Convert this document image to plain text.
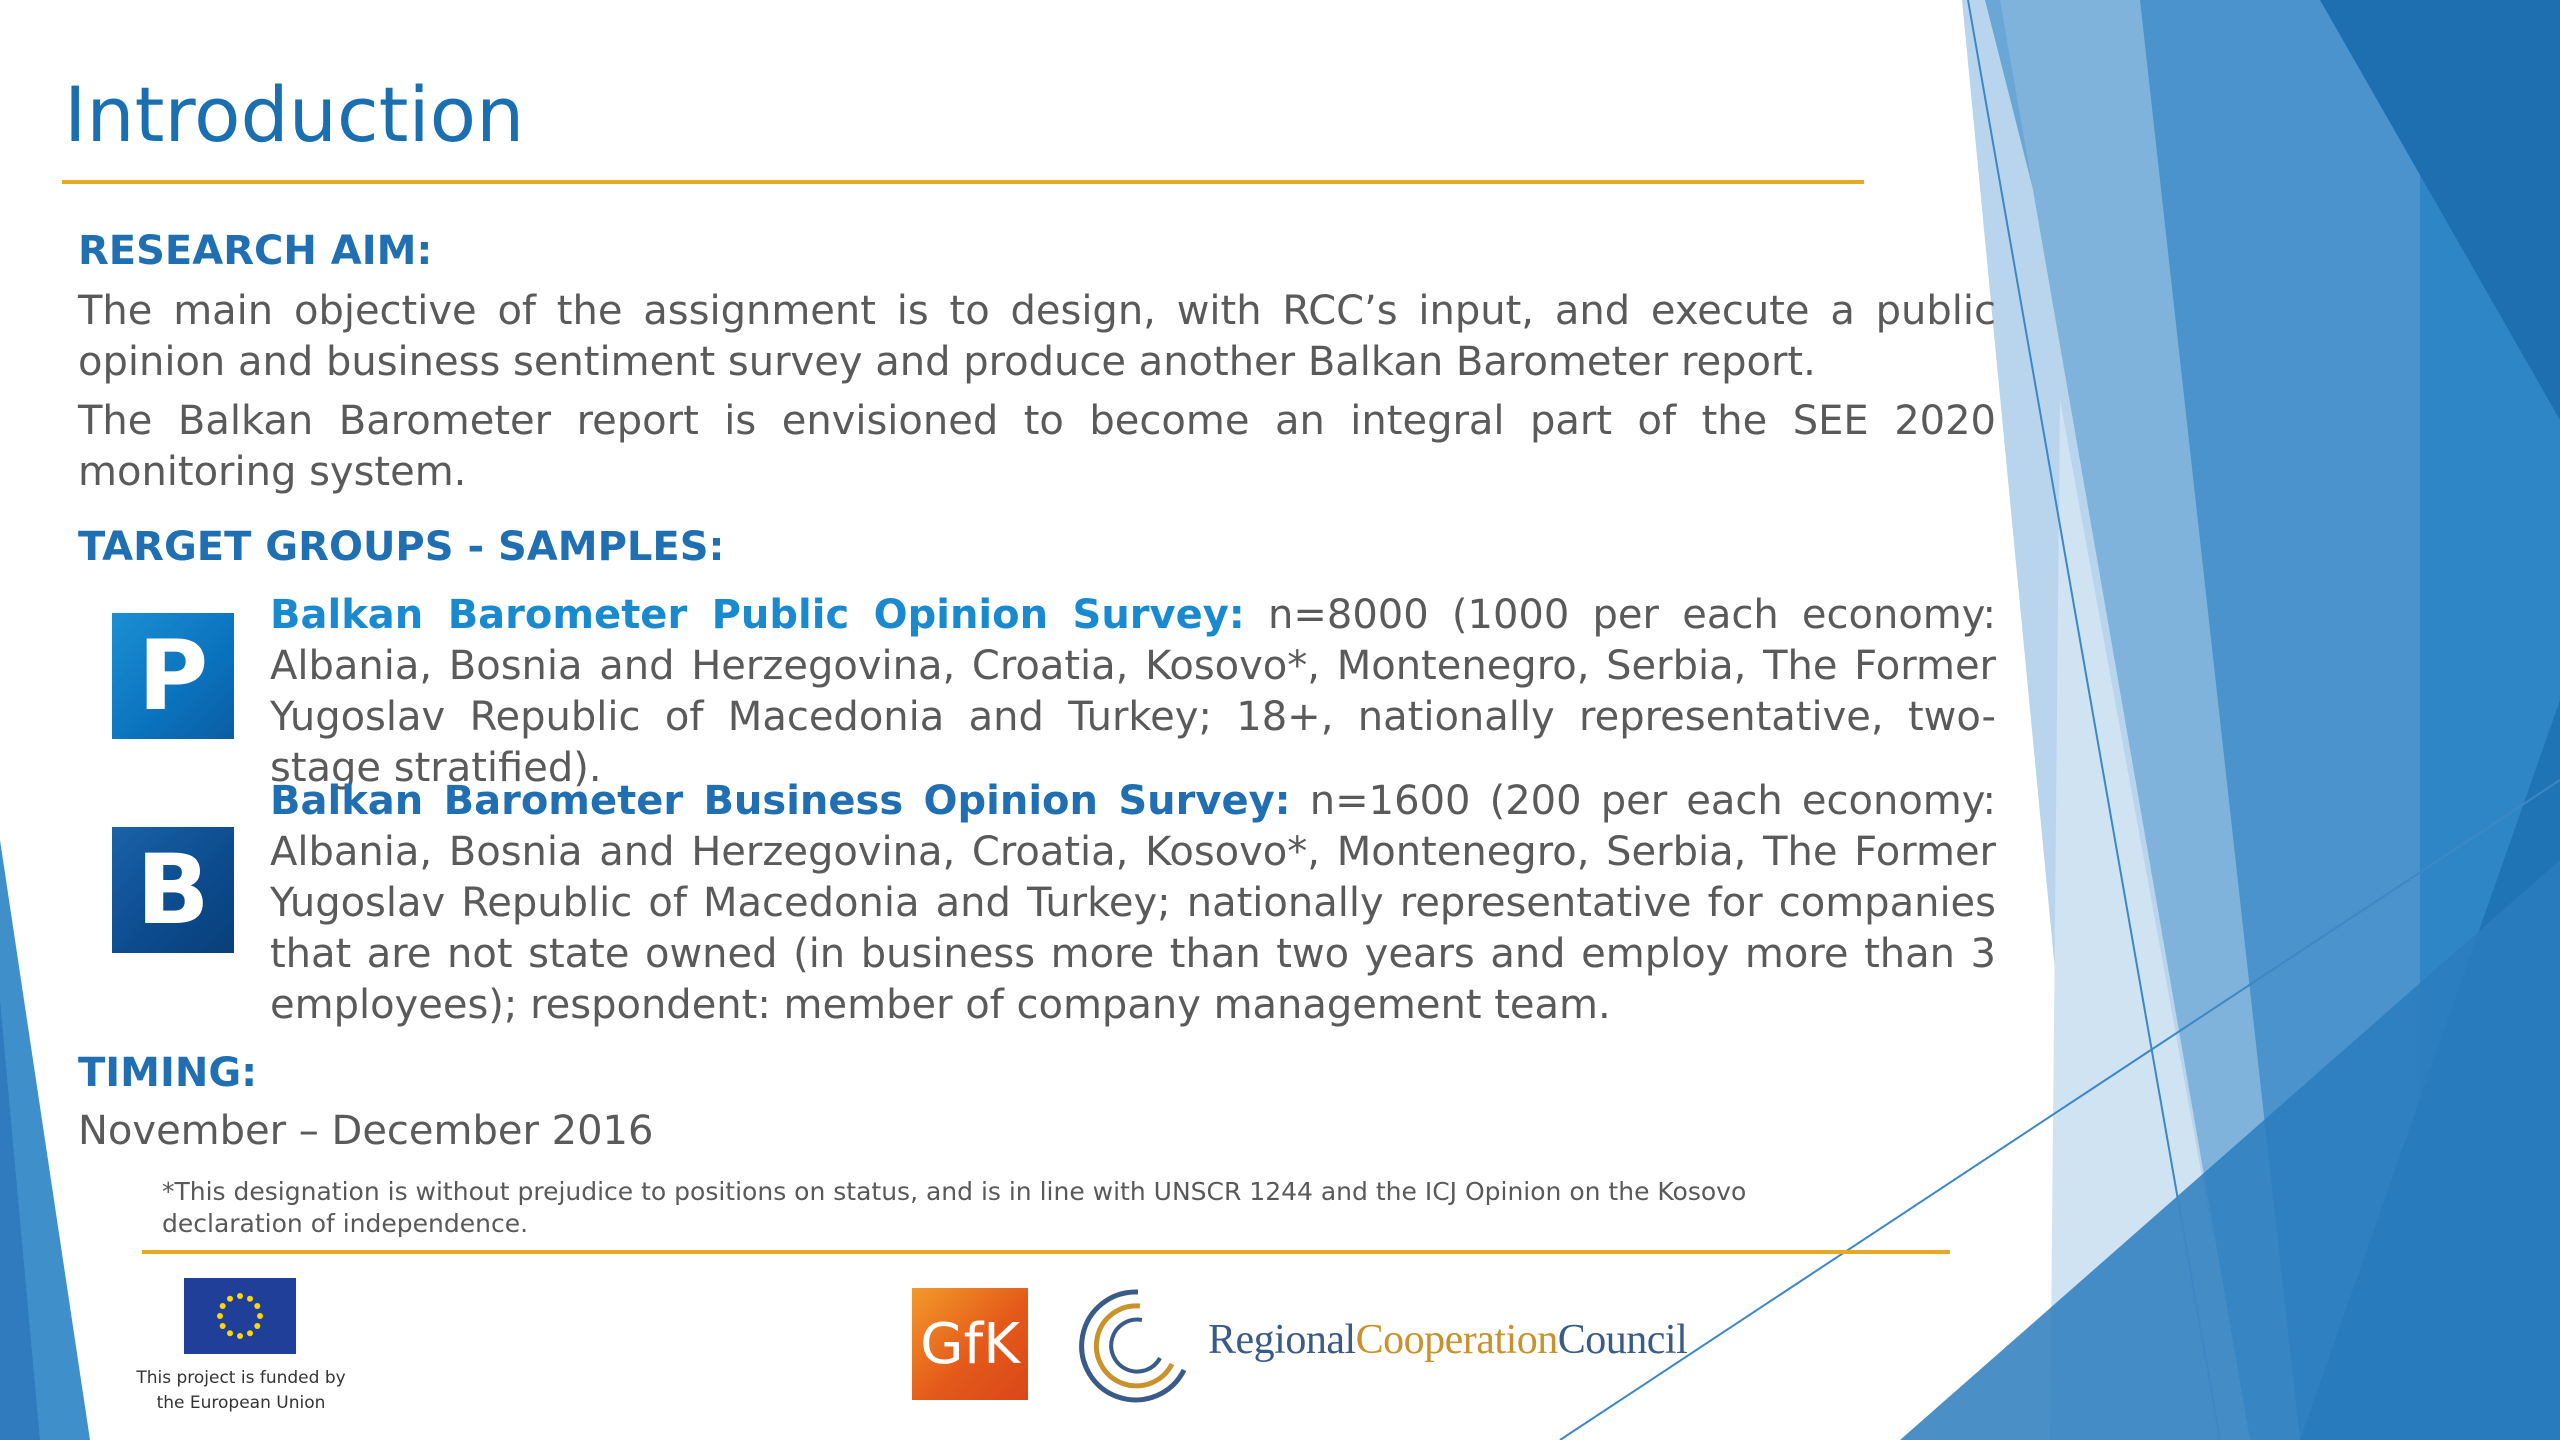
Introduction
RESEARCH AIM:
The main objective of the assignment is to design, with RCC’s input, and execute a public opinion and business sentiment survey and produce another Balkan Barometer report.
The Balkan Barometer report is envisioned to become an integral part of the SEE 2020 monitoring system.
TARGET GROUPS - SAMPLES:
P
Balkan Barometer Public Opinion Survey: n=8000 (1000 per each economy: Albania, Bosnia and Herzegovina, Croatia, Kosovo*, Montenegro, Serbia, The Former Yugoslav Republic of Macedonia and Turkey; 18+, nationally representative, two-stage stratified).
B
Balkan Barometer Business Opinion Survey: n=1600 (200 per each economy: Albania, Bosnia and Herzegovina, Croatia, Kosovo*, Montenegro, Serbia, The Former Yugoslav Republic of Macedonia and Turkey; nationally representative for companies that are not state owned (in business more than two years and employ more than 3 employees); respondent: member of company management team.
TIMING:
November – December 2016
*This designation is without prejudice to positions on status, and is in line with UNSCR 1244 and the ICJ Opinion on the Kosovo declaration of independence.
This project is funded by
the European Union
GfK	RegionalCooperationCouncil
